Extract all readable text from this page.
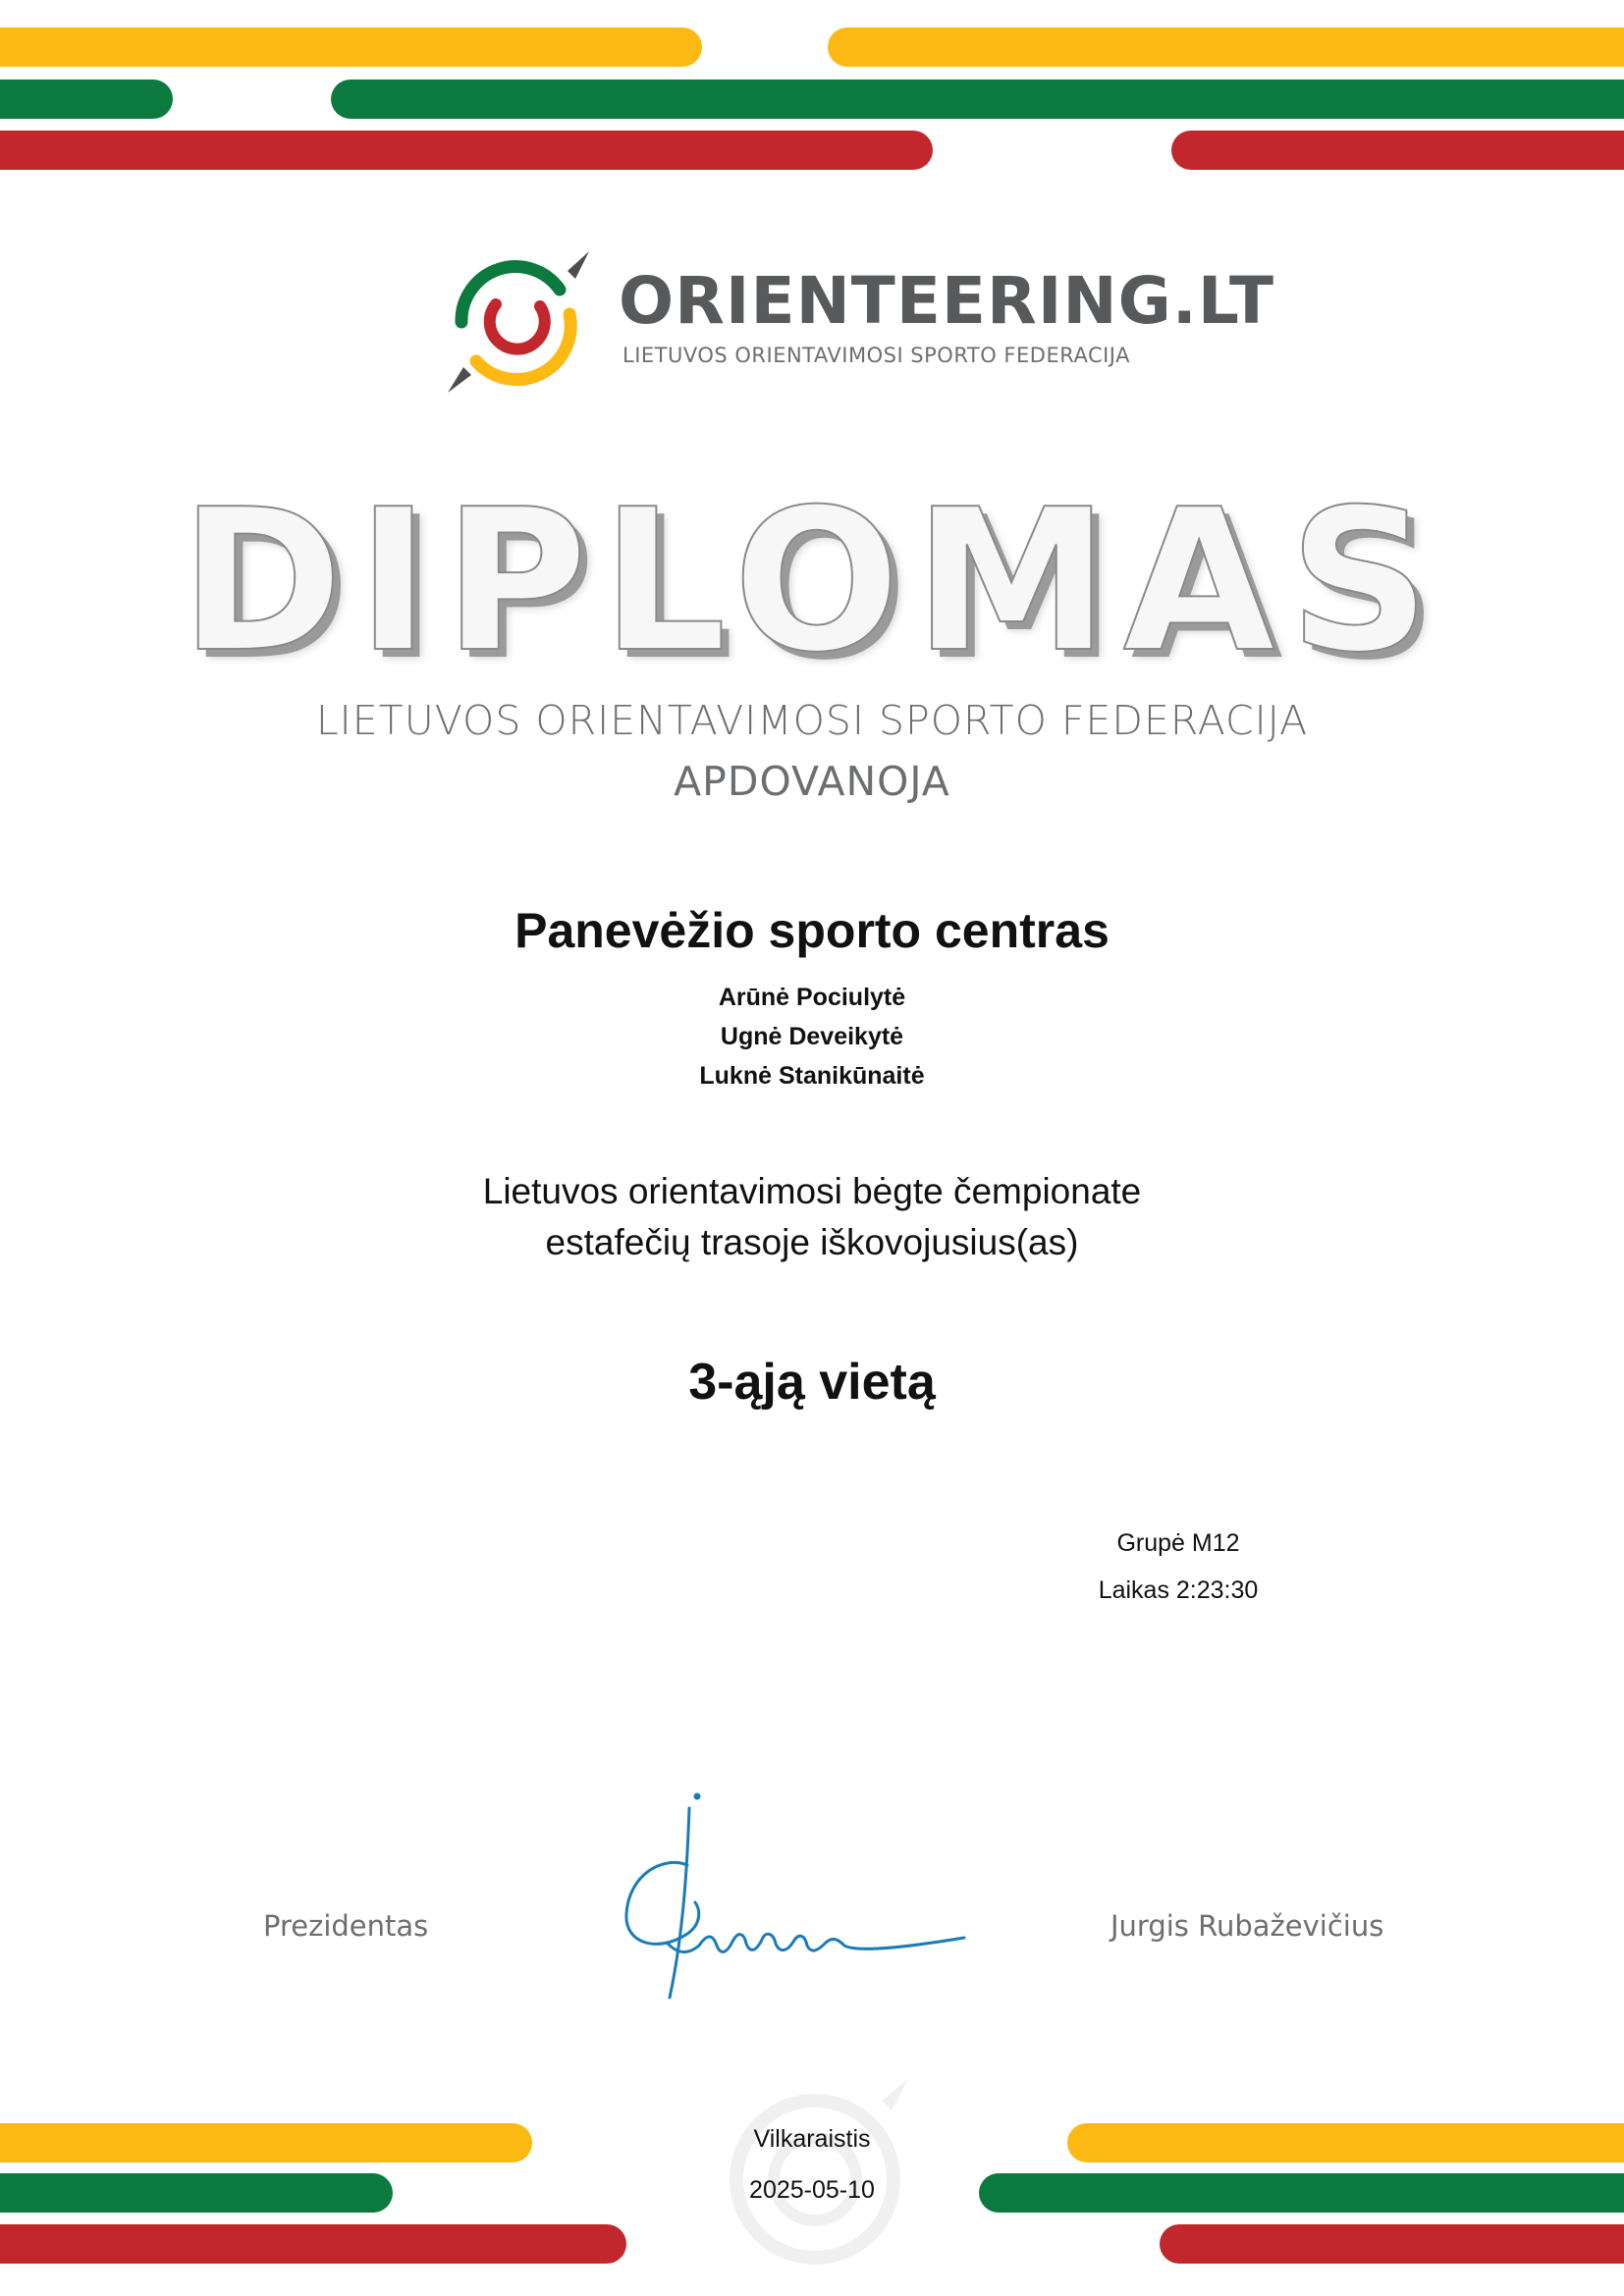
ORIENTEERING.LT
LIETUVOS ORIENTAVIMOSI SPORTO FEDERACIJA
DIPLOMAS
LIETUVOS ORIENTAVIMOSI SPORTO FEDERACIJA
APDOVANOJA
Panevėžio sporto centras
Arūnė Pociulytė
Ugnė Deveikytė
Luknė Stanikūnaitė
Lietuvos orientavimosi bėgte čempionate
estafečių trasoje iškovojusius(as)
3-ąją vietą
Grupė M12
Laikas 2:23:30
Prezidentas	Jurgis Rubaževičius
Vilkaraistis
2025-05-10
